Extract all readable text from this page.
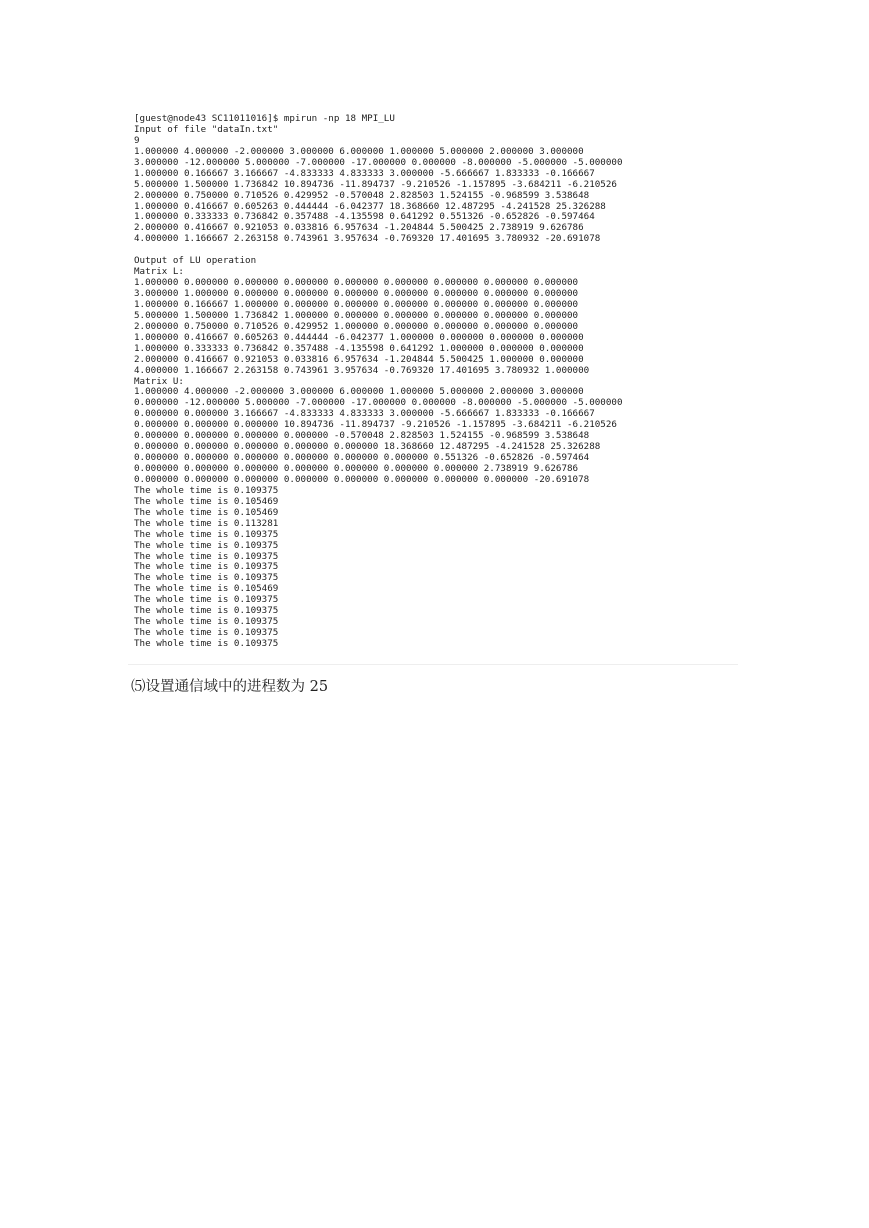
[guest@node43 SC11011016]$ mpirun -np 18 MPI_LU
Input of file "dataIn.txt"
9
1.000000 4.000000 -2.000000 3.000000 6.000000 1.000000 5.000000 2.000000 3.000000
3.000000 -12.000000 5.000000 -7.000000 -17.000000 0.000000 -8.000000 -5.000000 -5.000000
1.000000 0.166667 3.166667 -4.833333 4.833333 3.000000 -5.666667 1.833333 -0.166667
5.000000 1.500000 1.736842 10.894736 -11.894737 -9.210526 -1.157895 -3.684211 -6.210526
2.000000 0.750000 0.710526 0.429952 -0.570048 2.828503 1.524155 -0.968599 3.538648
1.000000 0.416667 0.605263 0.444444 -6.042377 18.368660 12.487295 -4.241528 25.326288
1.000000 0.333333 0.736842 0.357488 -4.135598 0.641292 0.551326 -0.652826 -0.597464
2.000000 0.416667 0.921053 0.033816 6.957634 -1.204844 5.500425 2.738919 9.626786
4.000000 1.166667 2.263158 0.743961 3.957634 -0.769320 17.401695 3.780932 -20.691078
Output of LU operation
Matrix L:
1.000000 0.000000 0.000000 0.000000 0.000000 0.000000 0.000000 0.000000 0.000000
3.000000 1.000000 0.000000 0.000000 0.000000 0.000000 0.000000 0.000000 0.000000
1.000000 0.166667 1.000000 0.000000 0.000000 0.000000 0.000000 0.000000 0.000000
5.000000 1.500000 1.736842 1.000000 0.000000 0.000000 0.000000 0.000000 0.000000
2.000000 0.750000 0.710526 0.429952 1.000000 0.000000 0.000000 0.000000 0.000000
1.000000 0.416667 0.605263 0.444444 -6.042377 1.000000 0.000000 0.000000 0.000000
1.000000 0.333333 0.736842 0.357488 -4.135598 0.641292 1.000000 0.000000 0.000000
2.000000 0.416667 0.921053 0.033816 6.957634 -1.204844 5.500425 1.000000 0.000000
4.000000 1.166667 2.263158 0.743961 3.957634 -0.769320 17.401695 3.780932 1.000000
Matrix U:
1.000000 4.000000 -2.000000 3.000000 6.000000 1.000000 5.000000 2.000000 3.000000
0.000000 -12.000000 5.000000 -7.000000 -17.000000 0.000000 -8.000000 -5.000000 -5.000000
0.000000 0.000000 3.166667 -4.833333 4.833333 3.000000 -5.666667 1.833333 -0.166667
0.000000 0.000000 0.000000 10.894736 -11.894737 -9.210526 -1.157895 -3.684211 -6.210526
0.000000 0.000000 0.000000 0.000000 -0.570048 2.828503 1.524155 -0.968599 3.538648
0.000000 0.000000 0.000000 0.000000 0.000000 18.368660 12.487295 -4.241528 25.326288
0.000000 0.000000 0.000000 0.000000 0.000000 0.000000 0.551326 -0.652826 -0.597464
0.000000 0.000000 0.000000 0.000000 0.000000 0.000000 0.000000 2.738919 9.626786
0.000000 0.000000 0.000000 0.000000 0.000000 0.000000 0.000000 0.000000 -20.691078
The whole time is 0.109375
The whole time is 0.105469
The whole time is 0.105469
The whole time is 0.113281
The whole time is 0.109375
The whole time is 0.109375
The whole time is 0.109375
The whole time is 0.109375
The whole time is 0.109375
The whole time is 0.105469
The whole time is 0.109375
The whole time is 0.109375
The whole time is 0.109375
The whole time is 0.109375
The whole time is 0.109375
⑸设置通信域中的进程数为 25
